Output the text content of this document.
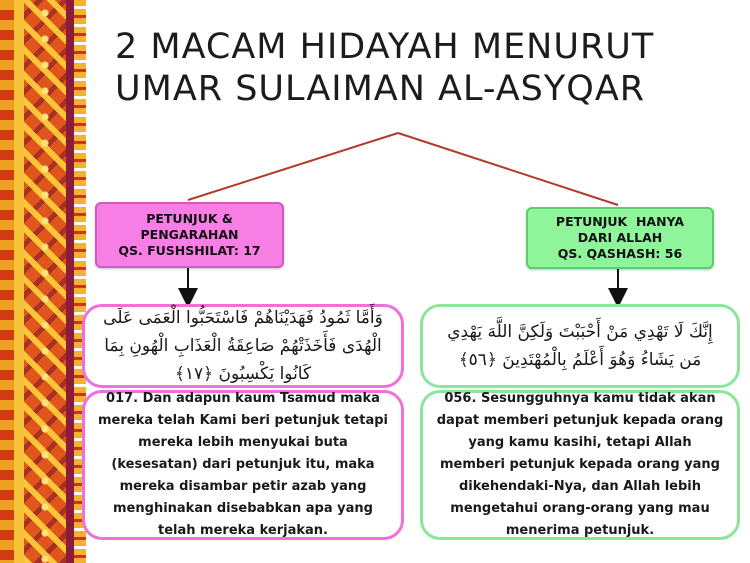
2 MACAM HIDAYAH MENURUT
UMAR SULAIMAN AL-ASYQAR
PETUNJUK &
PENGARAHAN
QS. FUSHSHILAT: 17
PETUNJUK  HANYA
DARI ALLAH
QS. QASHASH: 56
وَأَمَّا ثَمُودُ فَهَدَيْنَاهُمْ فَاسْتَحَبُّوا الْعَمَى عَلَى الْهُدَى فَأَخَذَتْهُمْ صَاعِقَةُ الْعَذَابِ الْهُونِ بِمَا كَانُوا يَكْسِبُونَ ﴿١٧﴾
017. Dan adapun kaum Tsamud maka mereka telah Kami beri petunjuk tetapi mereka lebih menyukai buta (kesesatan) dari petunjuk itu, maka mereka disambar petir azab yang menghinakan disebabkan apa yang telah mereka kerjakan.
إِنَّكَ لَا تَهْدِي مَنْ أَحْبَبْتَ وَلَكِنَّ اللَّهَ يَهْدِي مَن يَشَاءُ وَهُوَ أَعْلَمُ بِالْمُهْتَدِينَ ﴿٥٦﴾
056. Sesungguhnya kamu tidak akan dapat memberi petunjuk kepada orang yang kamu kasihi, tetapi Allah memberi petunjuk kepada orang yang dikehendaki-Nya, dan Allah lebih mengetahui orang-orang yang mau menerima petunjuk.
